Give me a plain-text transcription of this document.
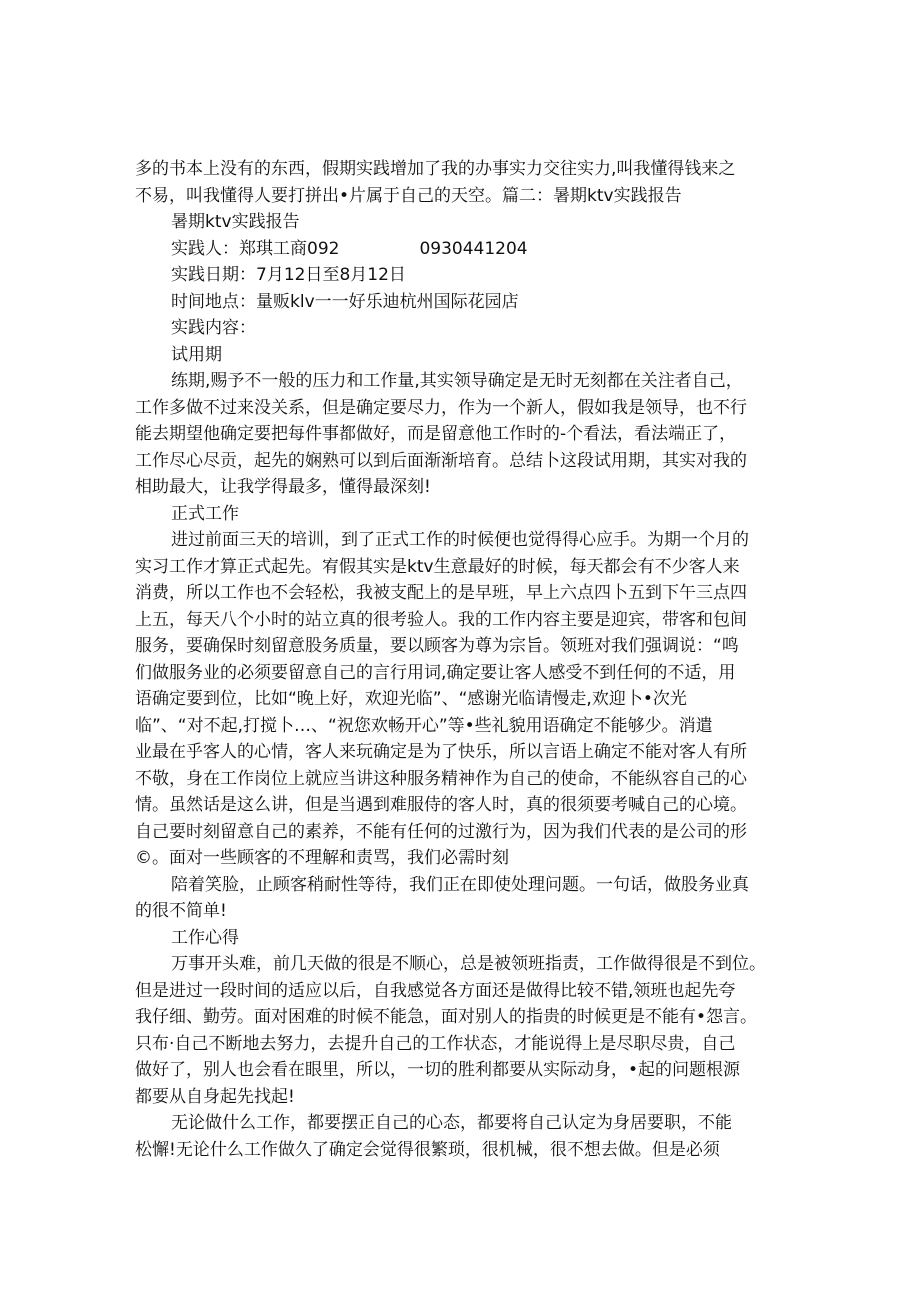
多的书本上没有的东西，假期实践增加了我的办事实力交往实力,叫我懂得钱来之
不易，叫我懂得人要打拼出•片属于自己的天空。篇二：暑期ktv实践报告
暑期ktv实践报告
实践人：郑琪工商092	0930441204
实践日期：7月12日至8月12日
时间地点：量贩klv一一好乐迪杭州国际花园店
实践内容：
试用期
练期,赐予不一般的压力和工作量,其实领导确定是无时无刻都在关注者自己，
工作多做不过来没关系，但是确定要尽力，作为一个新人，假如我是领导，也不行
能去期望他确定要把每件事都做好，而是留意他工作时的-个看法，看法端正了，
工作尽心尽贡，起先的娴熟可以到后面渐渐培育。总结卜这段试用期，其实对我的
相助最大，让我学得最多，懂得最深刻!
正式工作
进过前面三天的培训，到了正式工作的时候便也觉得得心应手。为期一个月的
实习工作才算正式起先。宥假其实是ktv生意最好的时候，每天都会有不少客人来
消费，所以工作也不会轻松，我被支配上的是早班，早上六点四卜五到下午三点四
上五，每天八个小时的站立真的很考验人。我的工作内容主要是迎宾，带客和包间
服务，要确保时刻留意股务质量，要以顾客为尊为宗旨。领班对我们强调说：“鸣
们做服务业的必须要留意自己的言行用词,确定要让客人感受不到任何的不适，用
语确定要到位，比如“晚上好，欢迎光临”、“感谢光临请慢走,欢迎卜•次光
临”、“对不起,打搅卜…、“祝您欢畅开心”等•些礼貌用语确定不能够少。消遣
业最在乎客人的心情，客人来玩确定是为了快乐，所以言语上确定不能对客人有所
不敬，身在工作岗位上就应当讲这种服务精神作为自己的使命，不能纵容自己的心
情。虽然话是这么讲，但是当遇到难服侍的客人时，真的很须要考喊自己的心境。
自己要时刻留意自己的素养，不能有任何的过激行为，因为我们代表的是公司的形
©。面对一些顾客的不理解和责骂，我们必需时刻
陪着笑脸，止顾客稍耐性等待，我们正在即使处理问题。一句话，做股务业真
的很不简单!
工作心得
万事开头难，前几天做的很是不顺心，总是被领班指责，工作做得很是不到位。
但是进过一段时间的适应以后，自我感觉各方面还是做得比较不错,领班也起先夸
我仔细、勤劳。面对困难的时候不能急，面对别人的指贵的时候更是不能有•怨言。
只布·自己不断地去努力，去提升自己的工作状态，才能说得上是尽职尽贵，自己
做好了，别人也会看在眼里，所以，一切的胜利都要从实际动身，•起的问题根源
都要从自身起先找起!
无论做什么工作，都要摆正自己的心态，都要将自己认定为身居要职，不能
松懈!无论什么工作做久了确定会觉得很繁琐，很机械，很不想去做。但是必须
